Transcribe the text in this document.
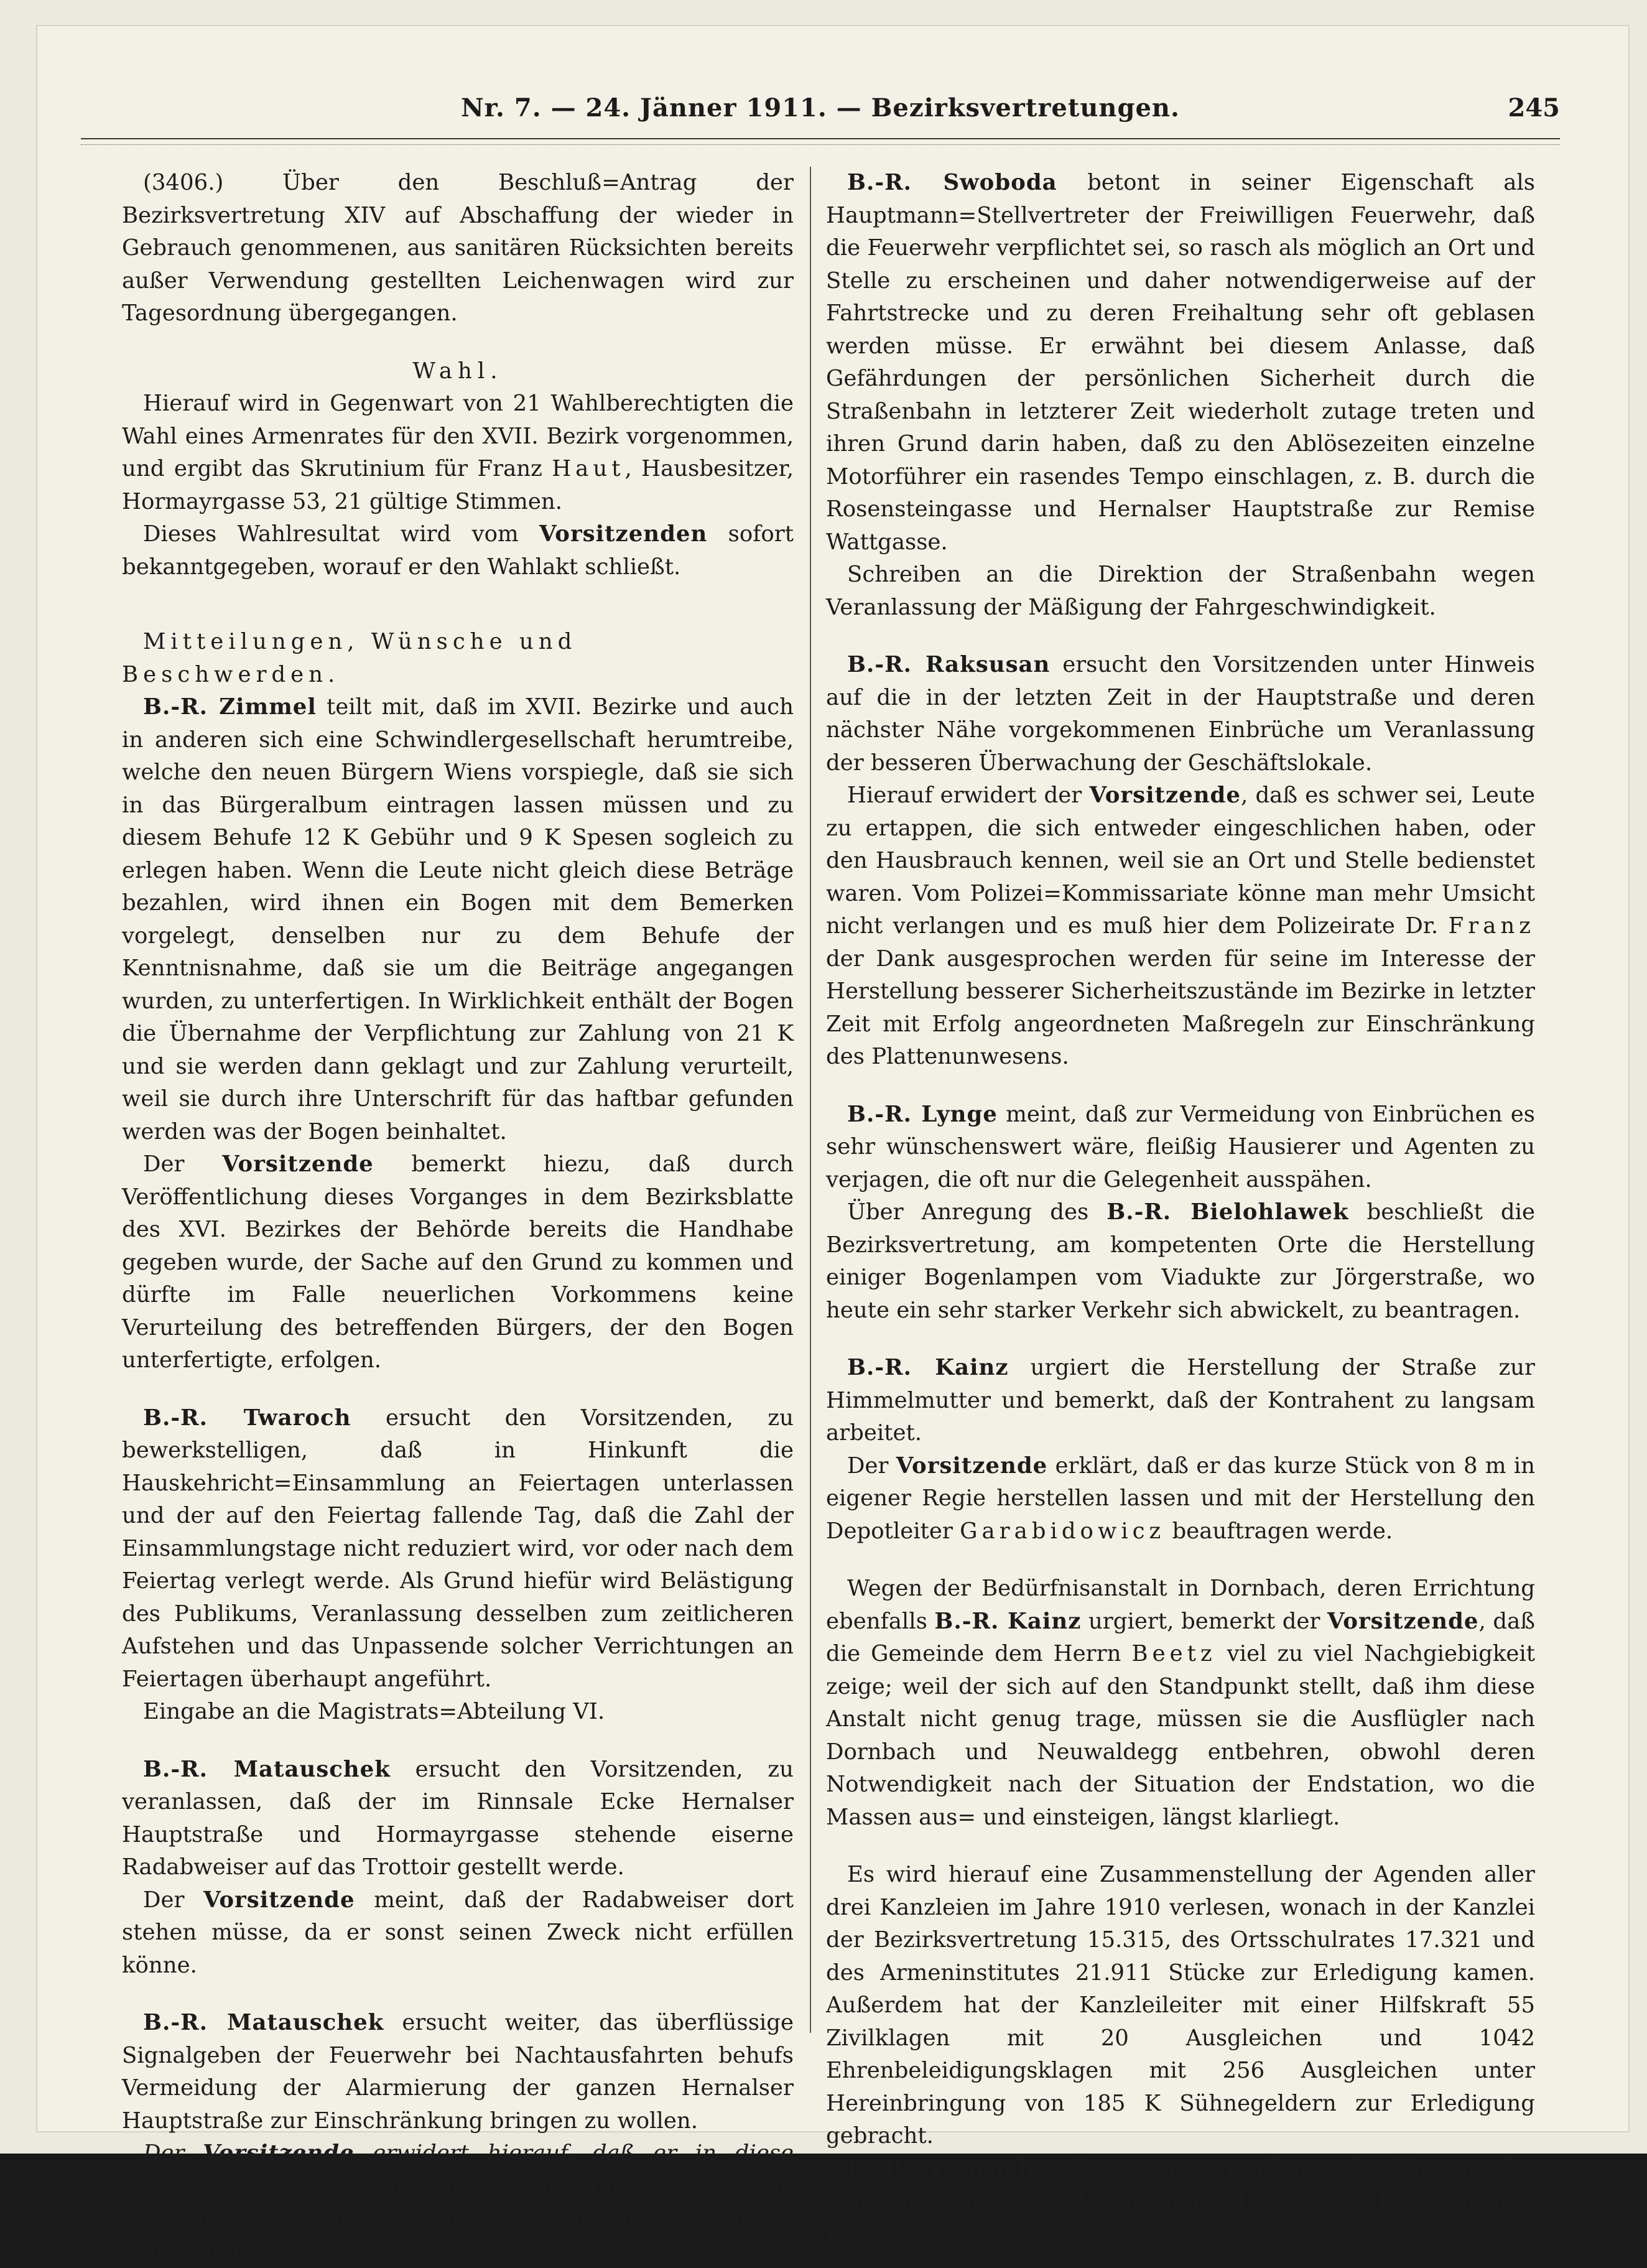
Nr. 7. — 24. Jänner 1911. — Bezirksvertretungen.	245

(3406.) Über den Beschluß=Antrag der Bezirksvertretung XIV auf Abschaffung der wieder in Gebrauch genommenen, aus sanitären Rücksichten bereits außer Verwendung gestellten Leichenwagen wird zur Tagesordnung übergegangen.

Wahl.

Hierauf wird in Gegenwart von 21 Wahlberechtigten die Wahl eines Armenrates für den XVII. Bezirk vorgenommen, und ergibt das Skrutinium für Franz Haut, Hausbesitzer, Hormayrgasse 53, 21 gültige Stimmen.

Dieses Wahlresultat wird vom Vorsitzenden sofort bekanntgegeben, worauf er den Wahlakt schließt.

Mitteilungen, Wünsche und Beschwerden.

B.-R. Zimmel teilt mit, daß im XVII. Bezirke und auch in anderen sich eine Schwindlergesellschaft herumtreibe, welche den neuen Bürgern Wiens vorspiegle, daß sie sich in das Bürgeralbum eintragen lassen müssen und zu diesem Behufe 12 K Gebühr und 9 K Spesen sogleich zu erlegen haben. Wenn die Leute nicht gleich diese Beträge bezahlen, wird ihnen ein Bogen mit dem Bemerken vorgelegt, denselben nur zu dem Behufe der Kenntnisnahme, daß sie um die Beiträge angegangen wurden, zu unterfertigen. In Wirklichkeit enthält der Bogen die Übernahme der Verpflichtung zur Zahlung von 21 K und sie werden dann geklagt und zur Zahlung verurteilt, weil sie durch ihre Unterschrift für das haftbar gefunden werden was der Bogen beinhaltet.

Der Vorsitzende bemerkt hiezu, daß durch Veröffentlichung dieses Vorganges in dem Bezirksblatte des XVI. Bezirkes der Behörde bereits die Handhabe gegeben wurde, der Sache auf den Grund zu kommen und dürfte im Falle neuerlichen Vorkommens keine Verurteilung des betreffenden Bürgers, der den Bogen unterfertigte, erfolgen.

B.-R. Twaroch ersucht den Vorsitzenden, zu bewerkstelligen, daß in Hinkunft die Hauskehricht=Einsammlung an Feiertagen unterlassen und der auf den Feiertag fallende Tag, daß die Zahl der Einsammlungstage nicht reduziert wird, vor oder nach dem Feiertag verlegt werde. Als Grund hiefür wird Belästigung des Publikums, Veranlassung desselben zum zeitlicheren Aufstehen und das Unpassende solcher Verrichtungen an Feiertagen überhaupt angeführt.

Eingabe an die Magistrats=Abteilung VI.

B.-R. Matauschek ersucht den Vorsitzenden, zu veranlassen, daß der im Rinnsale Ecke Hernalser Hauptstraße und Hormayrgasse stehende eiserne Radabweiser auf das Trottoir gestellt werde.

Der Vorsitzende meint, daß der Radabweiser dort stehen müsse, da er sonst seinen Zweck nicht erfüllen könne.

B.-R. Matauschek ersucht weiter, das überflüssige Signalgeben der Feuerwehr bei Nachtausfahrten behufs Vermeidung der Alarmierung der ganzen Hernalser Hauptstraße zur Einschränkung bringen zu wollen.

Der Vorsitzende erwidert hierauf, daß er in diese Angelegenheit sich einzumengen keinen Anlaß finde, da die Anordnungen des Feuerwehrkommandos hiefür maßgebend seien.

B.-R. Swoboda betont in seiner Eigenschaft als Hauptmann=Stellvertreter der Freiwilligen Feuerwehr, daß die Feuerwehr verpflichtet sei, so rasch als möglich an Ort und Stelle zu erscheinen und daher notwendigerweise auf der Fahrtstrecke und zu deren Freihaltung sehr oft geblasen werden müsse. Er erwähnt bei diesem Anlasse, daß Gefährdungen der persönlichen Sicherheit durch die Straßenbahn in letzterer Zeit wiederholt zutage treten und ihren Grund darin haben, daß zu den Ablösezeiten einzelne Motorführer ein rasendes Tempo einschlagen, z. B. durch die Rosensteingasse und Hernalser Hauptstraße zur Remise Wattgasse.

Schreiben an die Direktion der Straßenbahn wegen Veranlassung der Mäßigung der Fahrgeschwindigkeit.

B.-R. Raksusan ersucht den Vorsitzenden unter Hinweis auf die in der letzten Zeit in der Hauptstraße und deren nächster Nähe vorgekommenen Einbrüche um Veranlassung der besseren Überwachung der Geschäftslokale.

Hierauf erwidert der Vorsitzende, daß es schwer sei, Leute zu ertappen, die sich entweder eingeschlichen haben, oder den Hausbrauch kennen, weil sie an Ort und Stelle bedienstet waren. Vom Polizei=Kommissariate könne man mehr Umsicht nicht verlangen und es muß hier dem Polizeirate Dr. Franz der Dank ausgesprochen werden für seine im Interesse der Herstellung besserer Sicherheitszustände im Bezirke in letzter Zeit mit Erfolg angeordneten Maßregeln zur Einschränkung des Plattenunwesens.

B.-R. Lynge meint, daß zur Vermeidung von Einbrüchen es sehr wünschenswert wäre, fleißig Hausierer und Agenten zu verjagen, die oft nur die Gelegenheit ausspähen.

Über Anregung des B.-R. Bielohlawek beschließt die Bezirksvertretung, am kompetenten Orte die Herstellung einiger Bogenlampen vom Viadukte zur Jörgerstraße, wo heute ein sehr starker Verkehr sich abwickelt, zu beantragen.

B.-R. Kainz urgiert die Herstellung der Straße zur Himmelmutter und bemerkt, daß der Kontrahent zu langsam arbeitet.

Der Vorsitzende erklärt, daß er das kurze Stück von 8 m in eigener Regie herstellen lassen und mit der Herstellung den Depotleiter Garabidowicz beauftragen werde.

Wegen der Bedürfnisanstalt in Dornbach, deren Errichtung ebenfalls B.-R. Kainz urgiert, bemerkt der Vorsitzende, daß die Gemeinde dem Herrn Beetz viel zu viel Nachgiebigkeit zeige; weil der sich auf den Standpunkt stellt, daß ihm diese Anstalt nicht genug trage, müssen sie die Ausflügler nach Dornbach und Neuwaldegg entbehren, obwohl deren Notwendigkeit nach der Situation der Endstation, wo die Massen aus= und einsteigen, längst klarliegt.

Es wird hierauf eine Zusammenstellung der Agenden aller drei Kanzleien im Jahre 1910 verlesen, wonach in der Kanzlei der Bezirksvertretung 15.315, des Ortsschulrates 17.321 und des Armeninstitutes 21.911 Stücke zur Erledigung kamen. Außerdem hat der Kanzleileiter mit einer Hilfskraft 55 Zivilklagen mit 20 Ausgleichen und 1042 Ehrenbeleidigungsklagen mit 256 Ausgleichen unter Hereinbringung von 185 K Sühnegeldern zur Erledigung gebracht.

B.-R. Twaroch teilt in seiner Funktion als Obmann des Armeninstitutes mit, daß im Jahre 1910 außer Pfründen und Er=
